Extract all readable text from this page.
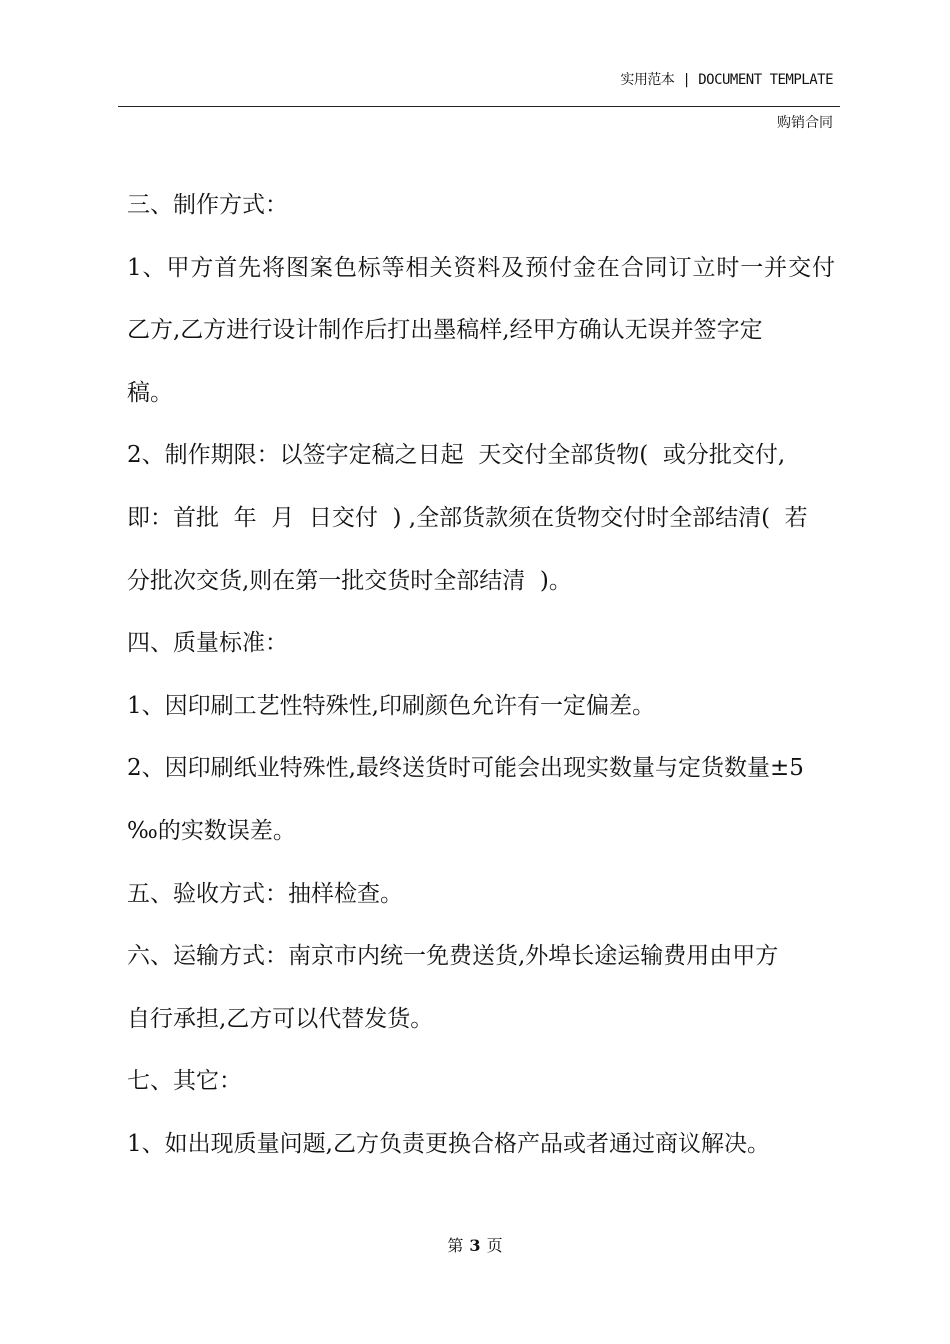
实用范本 | DOCUMENT TEMPLATE
购销合同
三、制作方式：
1、甲方首先将图案色标等相关资料及预付金在合同订立时一并交付
乙方,乙方进行设计制作后打出墨稿样,经甲方确认无误并签字定
稿。
2、制作期限：以签字定稿之日起  天交付全部货物(  或分批交付,
即：首批  年  月  日交付  ) ,全部货款须在货物交付时全部结清(  若
分批次交货,则在第一批交货时全部结清  )。
四、质量标准：
1、因印刷工艺性特殊性,印刷颜色允许有一定偏差。
2、因印刷纸业特殊性,最终送货时可能会出现实数量与定货数量±5
‰的实数误差。
五、验收方式：抽样检查。
六、运输方式：南京市内统一免费送货,外埠长途运输费用由甲方
自行承担,乙方可以代替发货。
七、其它：
1、如出现质量问题,乙方负责更换合格产品或者通过商议解决。
第 3 页
